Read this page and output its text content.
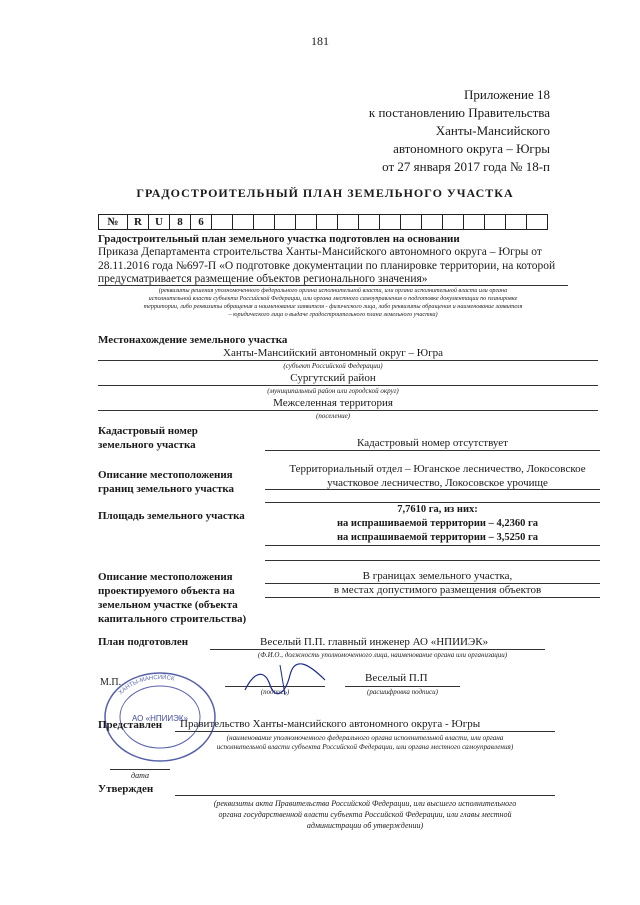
181
Приложение 18
к постановлению Правительства
Ханты-Мансийского
автономного округа – Югры
от 27 января 2017 года № 18-п
ГРАДОСТРОИТЕЛЬНЫЙ ПЛАН ЗЕМЕЛЬНОГО УЧАСТКА
№	R	U	8	6																
Градостроительный план земельного участка подготовлен на основании
Приказа Департамента строительства Ханты-Мансийского автономного округа – Югры от
28.11.2016 года №697-П «О подготовке документации по планировке территории, на которой
предусматривается размещение объектов регионального значения»
(реквизиты решения уполномоченного федерального органа исполнительной власти, или органа исполнительной власти или органа
исполнительной власти субъекта Российской Федерации, или органа местного самоуправления о подготовке документации по планировке
территории, либо реквизиты обращения и наименование заявителя - физического лица, либо реквизиты обращения и наименование заявителя
– юридического лица о выдаче градостроительного плана земельного участка)
Местонахождение земельного участка
Ханты-Мансийский автономный округ – Югра
(субъект Российской Федерации)
Сургутский район
(муниципальный район или городской округ)
Межселенная территория
(поселение)
Кадастровый номер
земельного участка	Кадастровый номер отсутствует
Описание местоположения
границ земельного участка
Территориальный отдел – Юганское лесничество, Локосовское
участковое лесничество, Локосовское урочище
Площадь земельного участка
7,7610 га, из них:
на испрашиваемой территории – 4,2360 га
на испрашиваемой территории – 3,5250 га
Описание местоположения
проектируемого объекта на
земельном участке (объекта
капитального строительства)
В границах земельного участка,
в местах допустимого размещения объектов
План подготовлен	Веселый П.П. главный инженер АО «НПИИЭК»
(Ф.И.О., должность уполномоченного лица, наименование органа или организации)
М.П.	Веселый П.П
(подпись)	(расшифровка подписи)
АО «НПИИЭК»
ХАНТЫ-МАНСИЙСК
Представлен	Правительство Ханты-мансийского автономного округа - Югры
(наименование уполномоченного федерального органа исполнительной власти, или органа
исполнительной власти субъекта Российской Федерации, или органа местного самоуправления)
дата
Утвержден
(реквизиты акта Правительства Российской Федерации, или высшего исполнительного
органа государственной власти субъекта Российской Федерации, или главы местной
администрации об утверждении)
